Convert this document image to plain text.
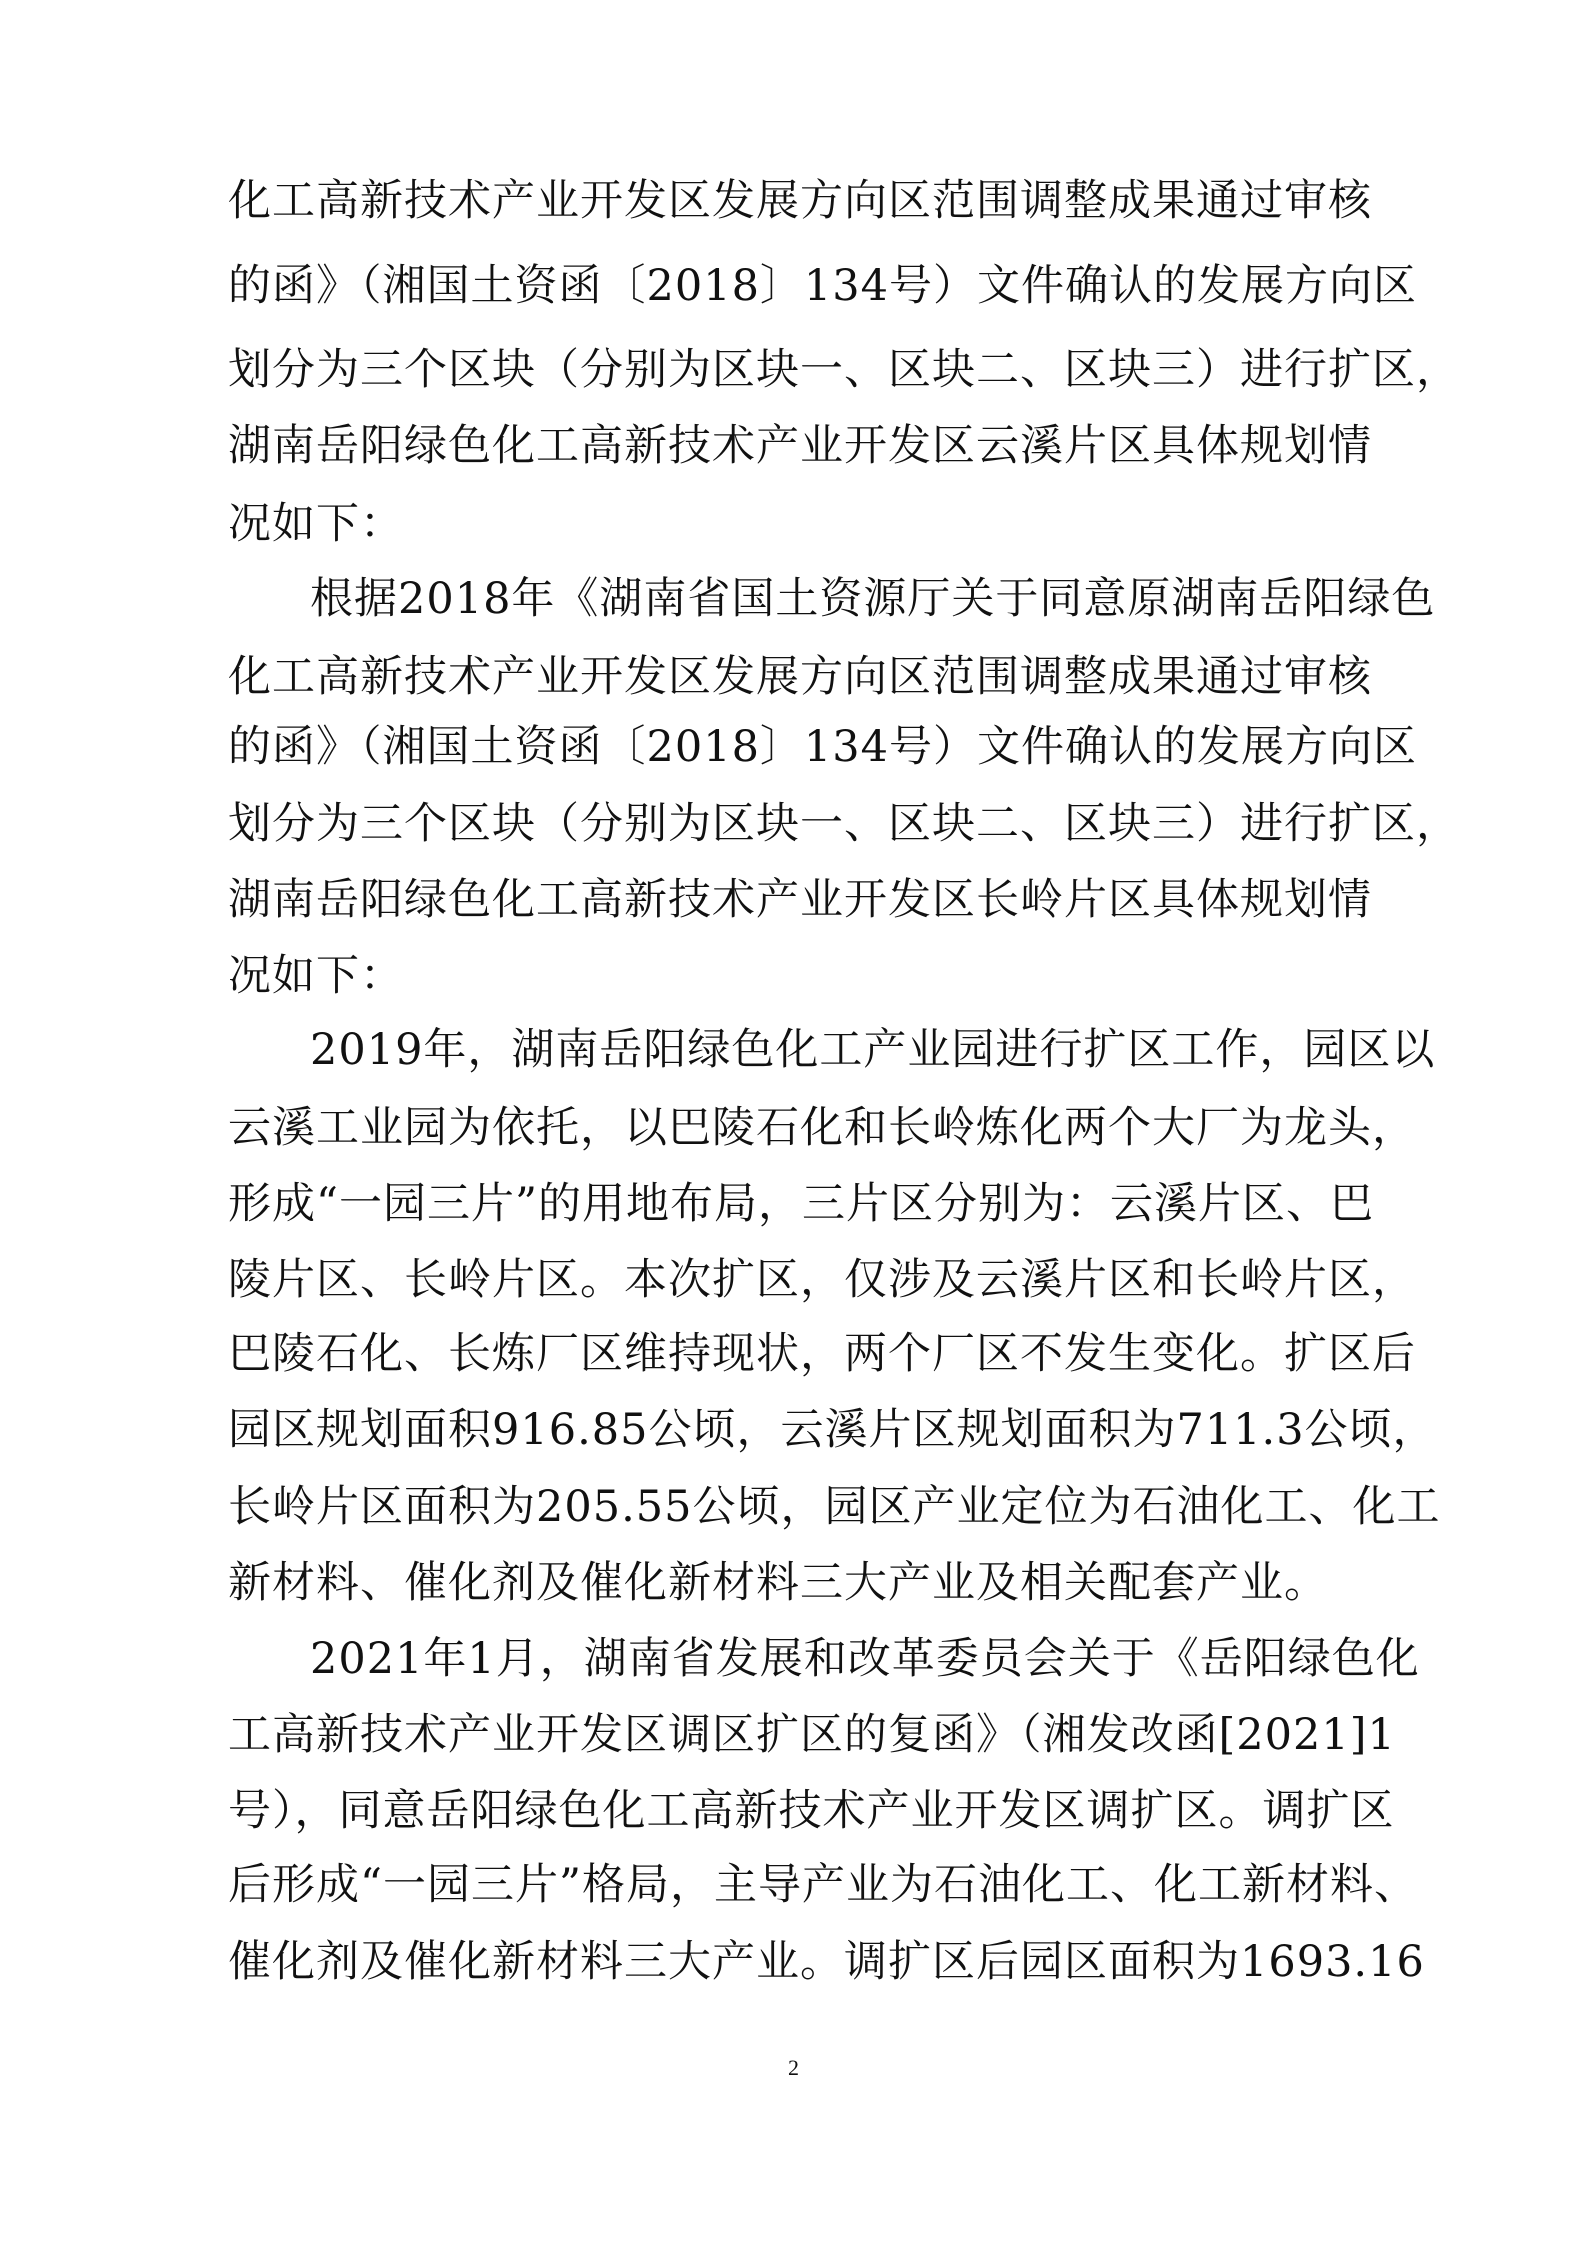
化工高新技术产业开发区发展方向区范围调整成果通过审核
的函》（湘国土资函〔2018〕134号）文件确认的发展方向区
划分为三个区块（分别为区块一、区块二、区块三）进行扩区，
湖南岳阳绿色化工高新技术产业开发区云溪片区具体规划情
况如下：
根据2018年《湖南省国土资源厅关于同意原湖南岳阳绿色
化工高新技术产业开发区发展方向区范围调整成果通过审核
的函》（湘国土资函〔2018〕134号）文件确认的发展方向区
划分为三个区块（分别为区块一、区块二、区块三）进行扩区，
湖南岳阳绿色化工高新技术产业开发区长岭片区具体规划情
况如下：
2019年，湖南岳阳绿色化工产业园进行扩区工作，园区以
云溪工业园为依托，以巴陵石化和长岭炼化两个大厂为龙头，
形成“一园三片”的用地布局，三片区分别为：云溪片区、巴
陵片区、长岭片区。本次扩区，仅涉及云溪片区和长岭片区，
巴陵石化、长炼厂区维持现状，两个厂区不发生变化。扩区后
园区规划面积916.85公顷，云溪片区规划面积为711.3公顷，
长岭片区面积为205.55公顷，园区产业定位为石油化工、化工
新材料、催化剂及催化新材料三大产业及相关配套产业。
2021年1月，湖南省发展和改革委员会关于《岳阳绿色化
工高新技术产业开发区调区扩区的复函》（湘发改函[2021]1
号），同意岳阳绿色化工高新技术产业开发区调扩区。调扩区
后形成“一园三片”格局，主导产业为石油化工、化工新材料、
催化剂及催化新材料三大产业。调扩区后园区面积为1693.16
2
